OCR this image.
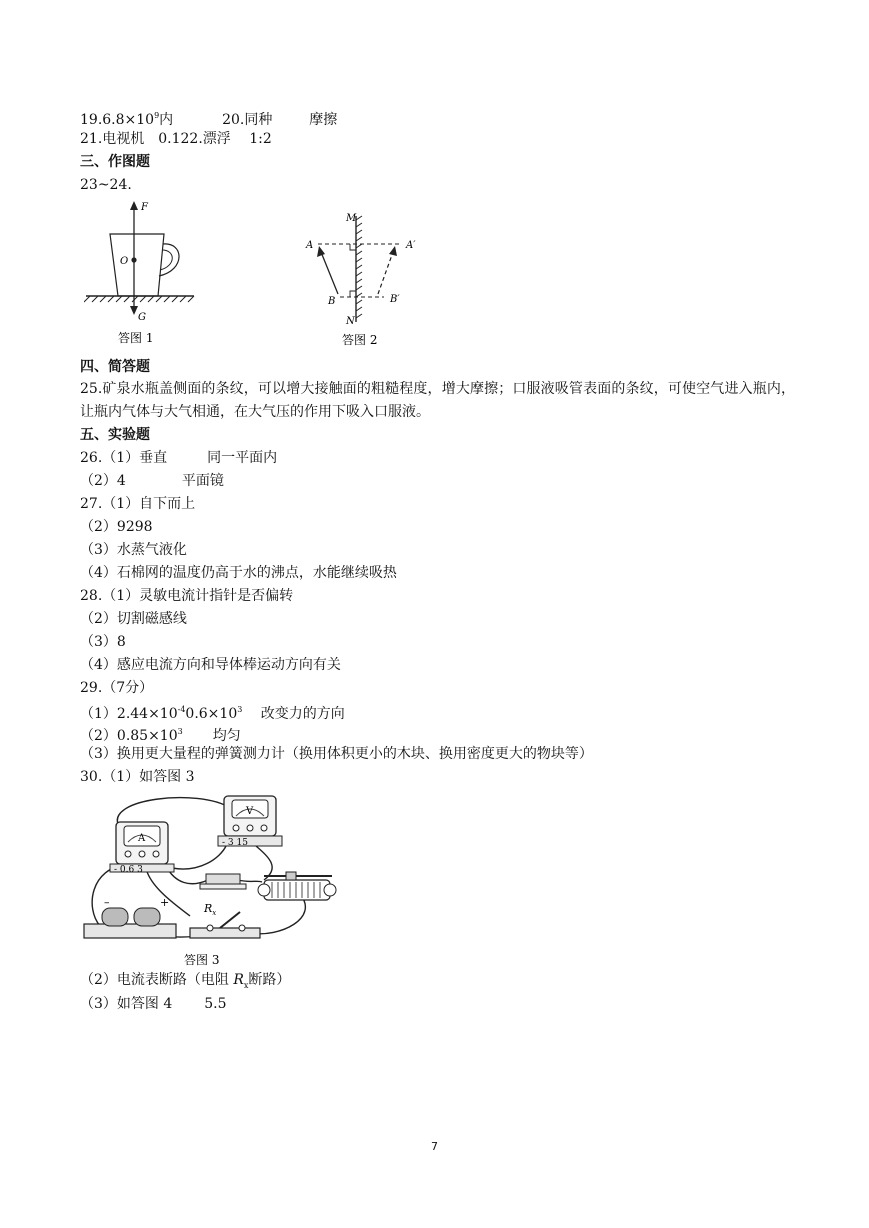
$19.6.8\times 10^9$内	20.同种	摩擦
21.电视机　0.122.漂浮　 1:2
三、作图题
23~24.
F
O
G
答图 1
M
N
A	A′
B	B′
答图 2
四、简答题
25.矿泉水瓶盖侧面的条纹，可以增大接触面的粗糙程度，增大摩擦；口服液吸管表面的条纹，可使空气进入瓶内，让瓶内气体与大气相通，在大气压的作用下吸入口服液。
五、实验题
26.（1）垂直	同一平面内
（2）4	平面镜
27.（1）自下而上
（2）9298
（3）水蒸气液化
（4）石棉网的温度仍高于水的沸点，水能继续吸热
28.（1）灵敏电流计指针是否偏转
（2）切割磁感线
（3）8
（4）感应电流方向和导体棒运动方向有关
29.（7分）
$(1)2.44\times 10^{-4}0.6\times 10^3$ 改变力的方向
$(2)0.85\times 10^3$ 均匀
（3）换用更大量程的弹簧测力计（换用体积更小的木块、换用密度更大的物块等）
30.（1）如答图 3
A
- 0.6 3
V
- 3 15
$R_x$
–	+
答图 3
（2）电流表断路（电阻 $R_x$断路）
（3）如答图 4 5.5
7
